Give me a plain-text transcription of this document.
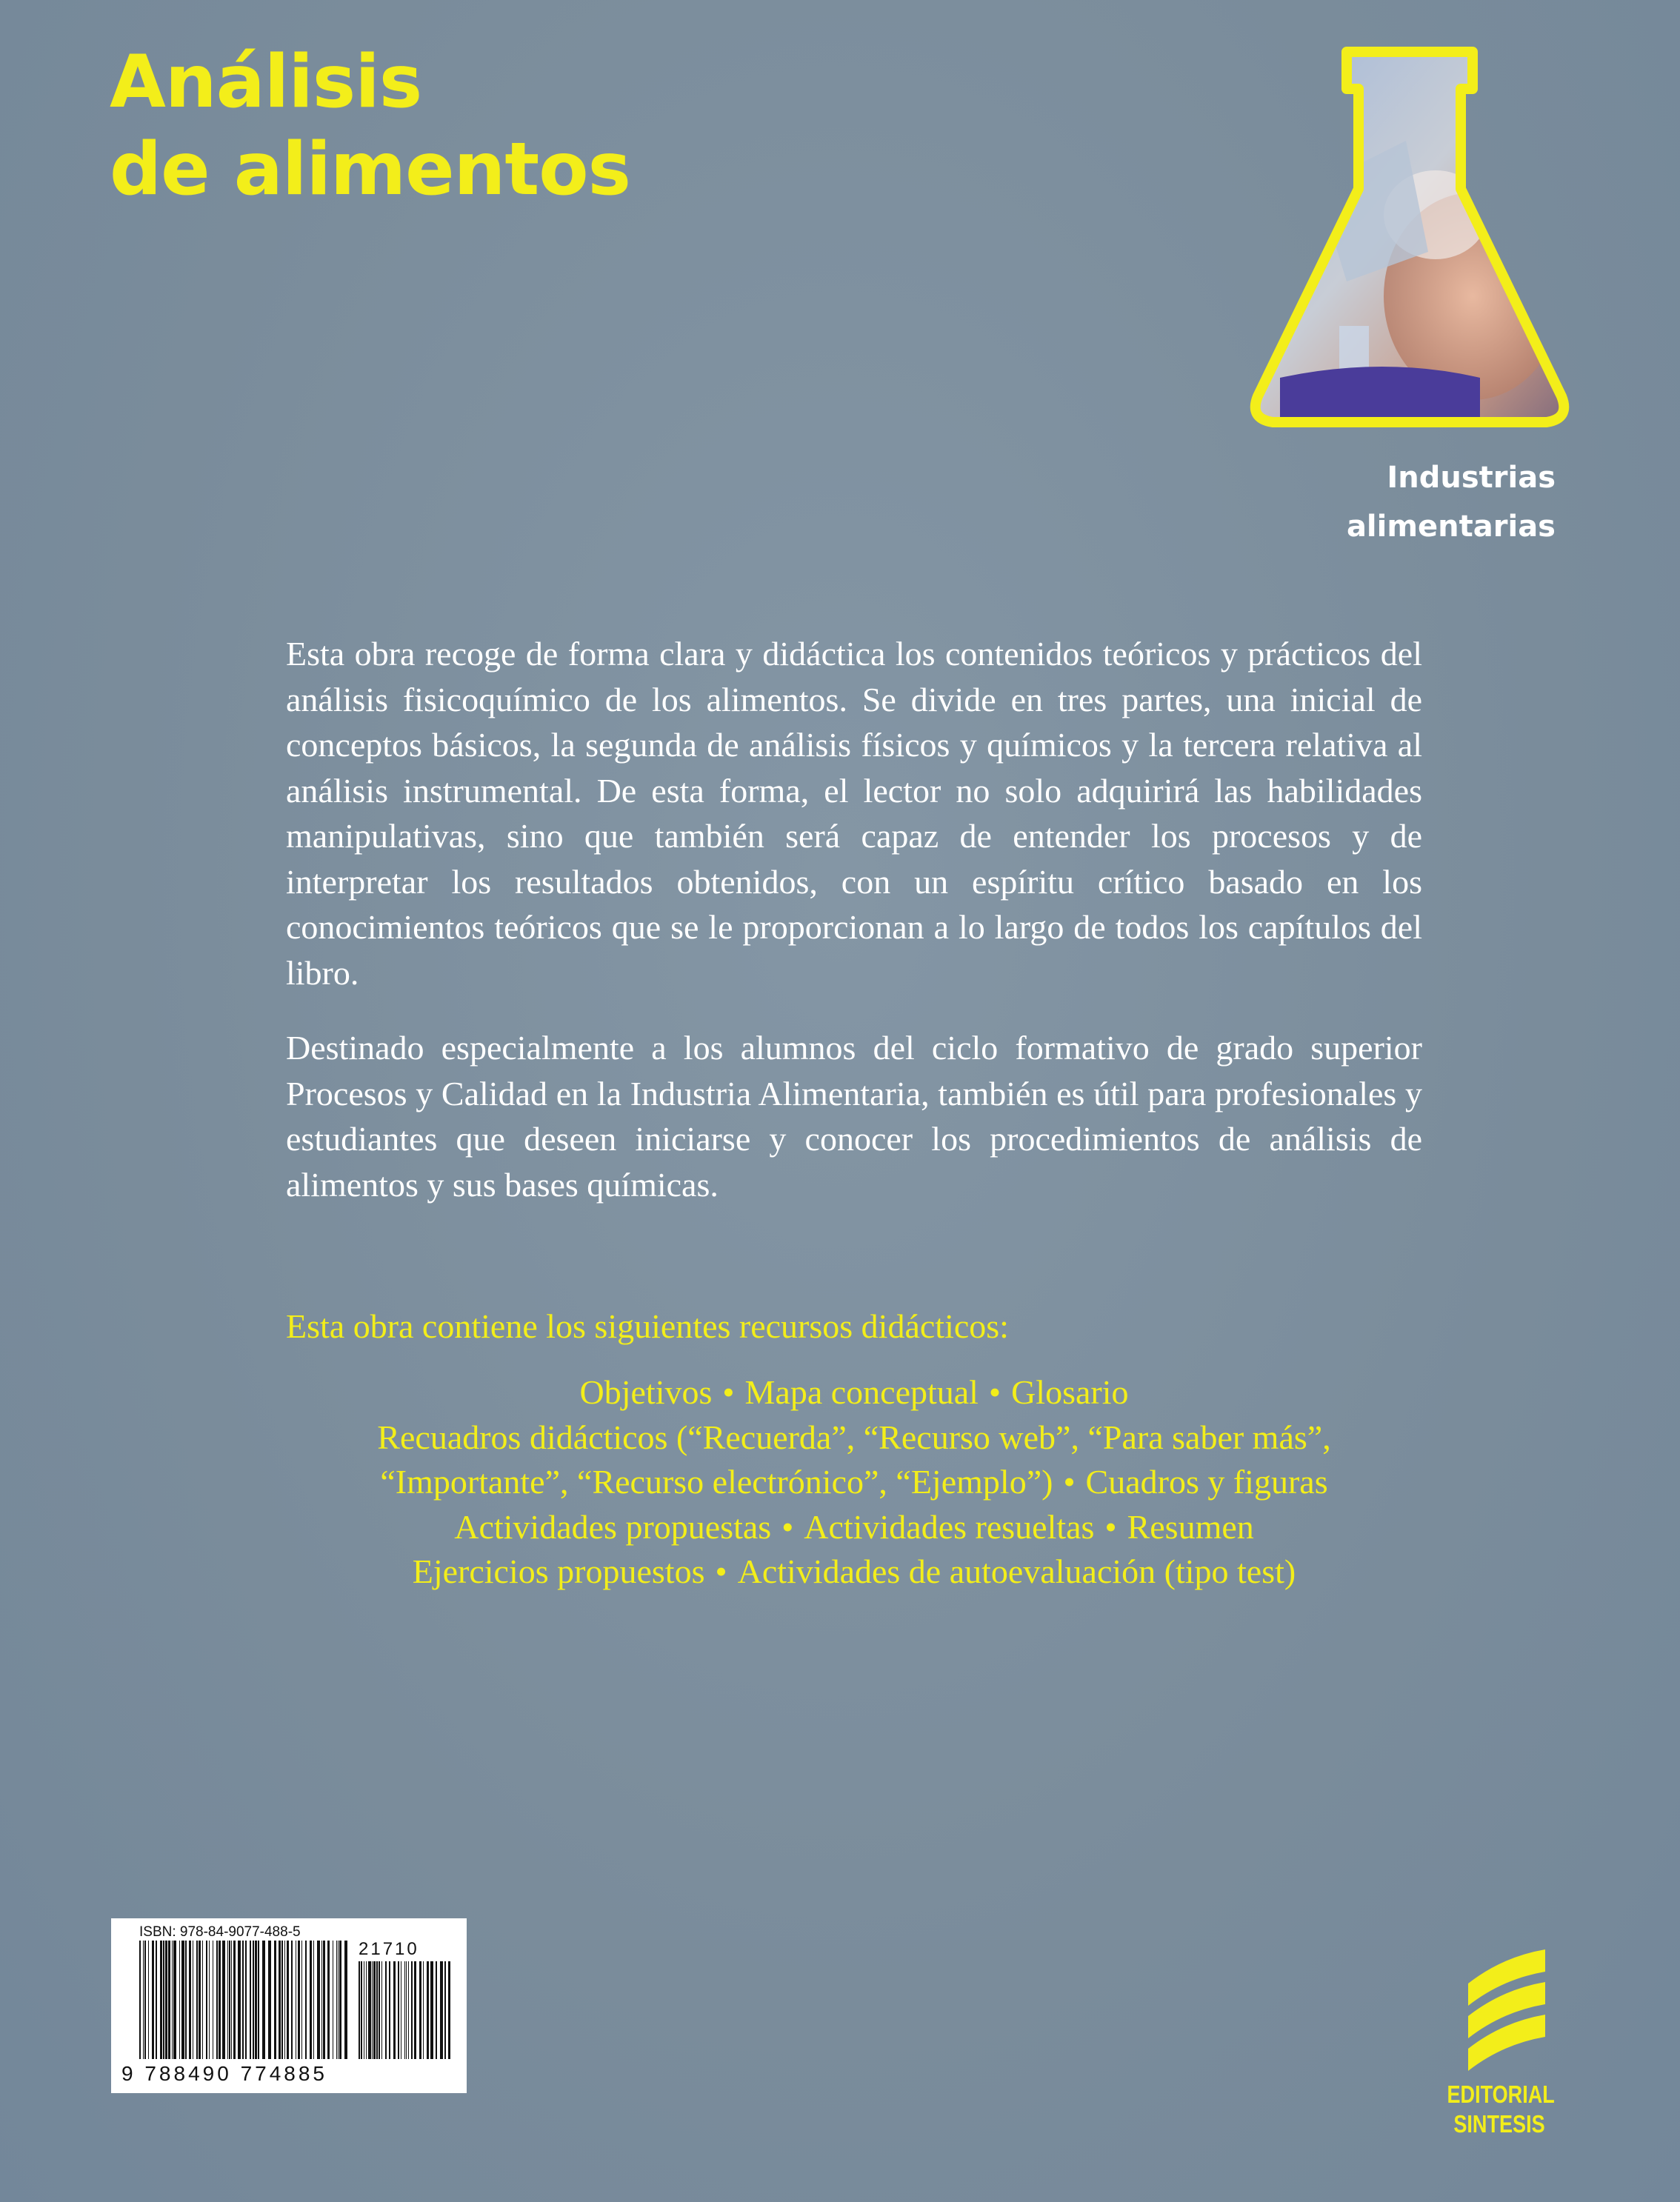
Análisis
de alimentos
Industrias
alimentarias

Esta obra recoge de forma clara y didáctica los contenidos teóricos y prácticos del análisis fisicoquímico de los alimentos. Se divide en tres partes, una inicial de conceptos básicos, la segunda de análisis físicos y químicos y la tercera relativa al análisis instrumental. De esta forma, el lector no solo adquirirá las habilidades manipulativas, sino que también será capaz de entender los procesos y de interpretar los resultados obtenidos, con un espíritu crítico basado en los conocimientos teóricos que se le proporcionan a lo largo de todos los capítulos del libro.

Destinado especialmente a los alumnos del ciclo formativo de grado superior Procesos y Calidad en la Industria Alimentaria, también es útil para profesionales y estudiantes que deseen iniciarse y conocer los procedimientos de análisis de alimentos y sus bases químicas.

Esta obra contiene los siguientes recursos didácticos:
Objetivos • Mapa conceptual • Glosario
Recuadros didácticos (“Recuerda”, “Recurso web”, “Para saber más”,
“Importante”, “Recurso electrónico”, “Ejemplo”) • Cuadros y figuras
Actividades propuestas • Actividades resueltas • Resumen
Ejercicios propuestos • Actividades de autoevaluación (tipo test)
ISBN: 978-84-9077-488-5
21710
9 788490 774885
EDITORIAL
SINTESIS
